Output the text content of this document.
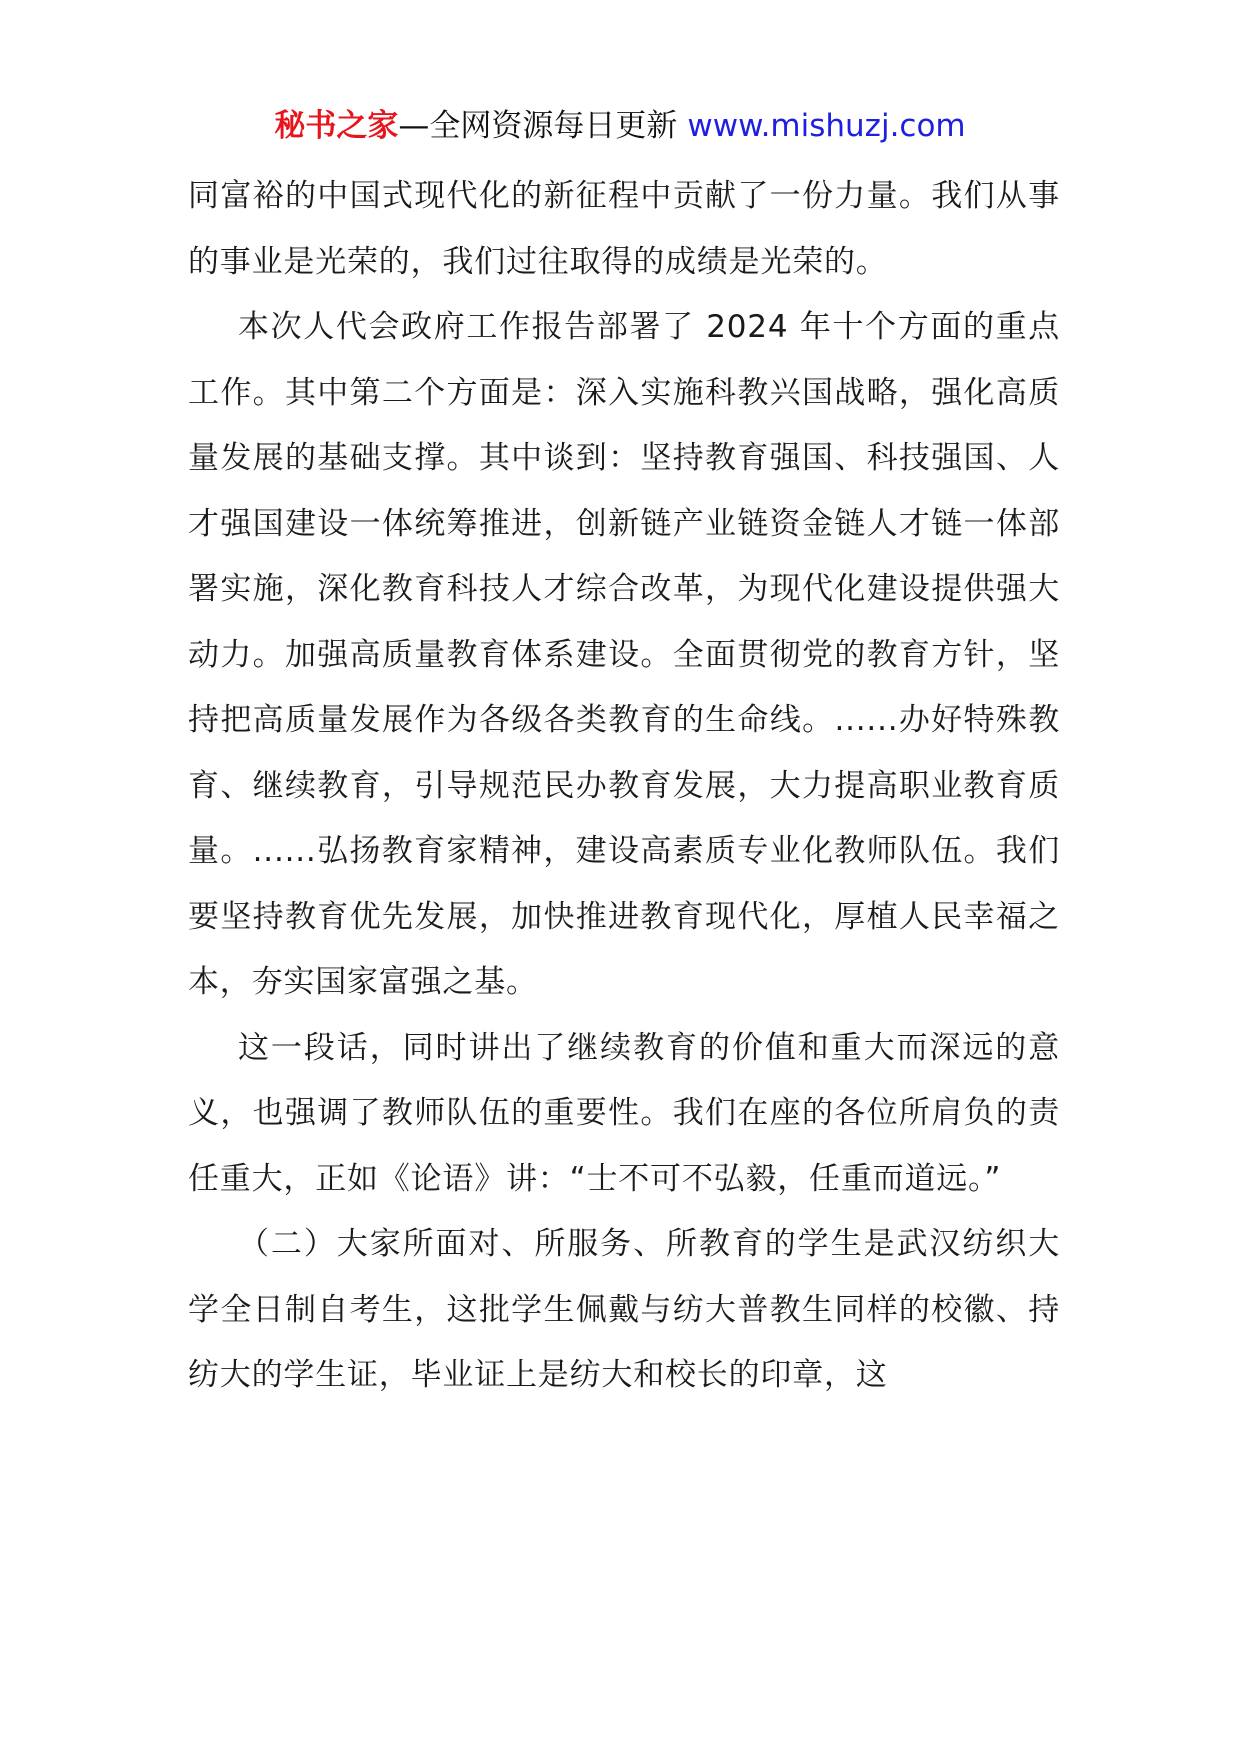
秘书之家—全网资源每日更新 www.mishuzj.com

同富裕的中国式现代化的新征程中贡献了一份力量。我们从事的事业是光荣的，我们过往取得的成绩是光荣的。

本次人代会政府工作报告部署了 2024 年十个方面的重点工作。其中第二个方面是：深入实施科教兴国战略，强化高质量发展的基础支撑。其中谈到：坚持教育强国、科技强国、人才强国建设一体统筹推进，创新链产业链资金链人才链一体部署实施，深化教育科技人才综合改革，为现代化建设提供强大动力。加强高质量教育体系建设。全面贯彻党的教育方针，坚持把高质量发展作为各级各类教育的生命线。......办好特殊教育、继续教育，引导规范民办教育发展，大力提高职业教育质量。......弘扬教育家精神，建设高素质专业化教师队伍。我们要坚持教育优先发展，加快推进教育现代化，厚植人民幸福之本，夯实国家富强之基。

这一段话，同时讲出了继续教育的价值和重大而深远的意义，也强调了教师队伍的重要性。我们在座的各位所肩负的责任重大，正如《论语》讲：“士不可不弘毅，任重而道远。”

（二）大家所面对、所服务、所教育的学生是武汉纺织大学全日制自考生，这批学生佩戴与纺大普教生同样的校徽、持纺大的学生证，毕业证上是纺大和校长的印章，这
